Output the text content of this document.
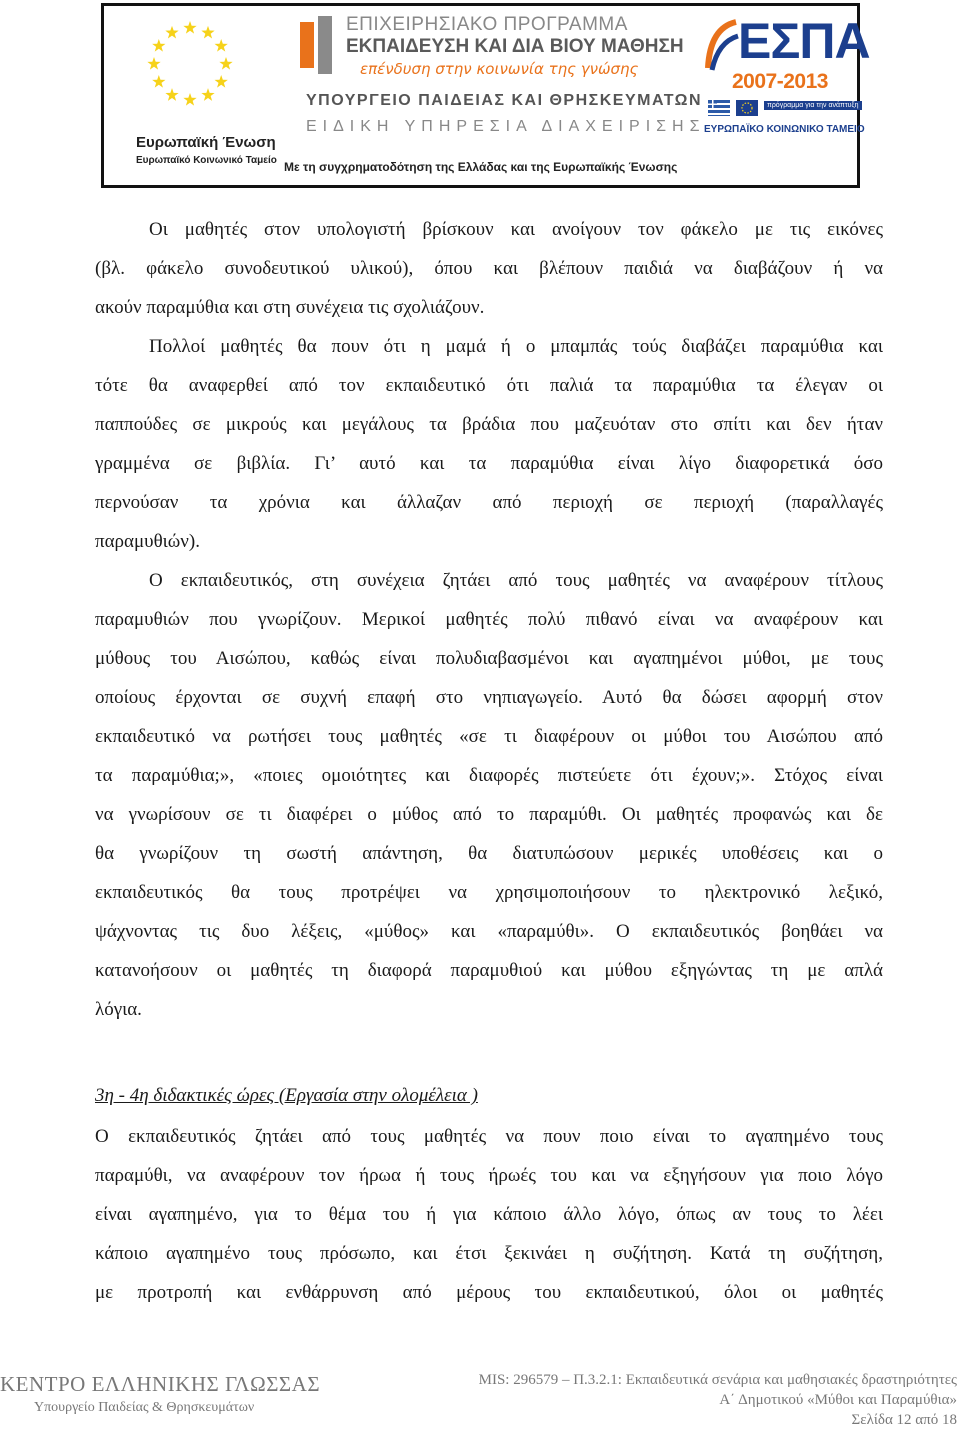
Ευρωπαϊκή Ένωση
Ευρωπαϊκό Κοινωνικό Ταμείο
ΕΠΙΧΕΙΡΗΣΙΑΚΟ ΠΡΟΓΡΑΜΜΑ
ΕΚΠΑΙΔΕΥΣΗ ΚΑΙ ΔΙΑ ΒΙΟΥ ΜΑΘΗΣΗ
επένδυση στην κοινωνία της γνώσης
ΥΠΟΥΡΓΕΙΟ ΠΑΙΔΕΙΑΣ ΚΑΙ ΘΡΗΣΚΕΥΜΑΤΩΝ
ΕΙΔΙΚΗ ΥΠΗΡΕΣΙΑ ΔΙΑΧΕΙΡΙΣΗΣ
Με τη συγχρηματοδότηση της Ελλάδας και της Ευρωπαϊκής Ένωσης
ΕΣΠΑ
2007-2013
πρόγραμμα για την ανάπτυξη
ΕΥΡΩΠΑΪΚΟ ΚΟΙΝΩΝΙΚΟ ΤΑΜΕΙΟ
Οι μαθητές στον υπολογιστή βρίσκουν και ανοίγουν τον φάκελο με τις εικόνες
(βλ. φάκελο συνοδευτικού υλικού), όπου και βλέπουν παιδιά να διαβάζουν ή να
ακούν παραμύθια και στη συνέχεια τις σχολιάζουν.
Πολλοί μαθητές θα πουν ότι η μαμά ή ο μπαμπάς τούς διαβάζει παραμύθια και
τότε θα αναφερθεί από τον εκπαιδευτικό ότι παλιά τα παραμύθια τα έλεγαν οι
παππούδες σε μικρούς και μεγάλους τα βράδια που μαζευόταν στο σπίτι και δεν ήταν
γραμμένα σε βιβλία. Γι’ αυτό και τα παραμύθια είναι λίγο διαφορετικά όσο
περνούσαν τα χρόνια και άλλαζαν από περιοχή σε περιοχή (παραλλαγές
παραμυθιών).
Ο εκπαιδευτικός, στη συνέχεια ζητάει από τους μαθητές να αναφέρουν τίτλους
παραμυθιών που γνωρίζουν. Μερικοί μαθητές πολύ πιθανό είναι να αναφέρουν και
μύθους του Αισώπου, καθώς είναι πολυδιαβασμένοι και αγαπημένοι μύθοι, με τους
οποίους έρχονται σε συχνή επαφή στο νηπιαγωγείο. Αυτό θα δώσει αφορμή στον
εκπαιδευτικό να ρωτήσει τους μαθητές «σε τι διαφέρουν οι μύθοι του Αισώπου από
τα παραμύθια;», «ποιες ομοιότητες και διαφορές πιστεύετε ότι έχουν;». Στόχος είναι
να γνωρίσουν σε τι διαφέρει ο μύθος από το παραμύθι. Οι μαθητές προφανώς και δε
θα γνωρίζουν τη σωστή απάντηση, θα διατυπώσουν μερικές υποθέσεις και ο
εκπαιδευτικός θα τους προτρέψει να χρησιμοποιήσουν το ηλεκτρονικό λεξικό,
ψάχνοντας τις δυο λέξεις, «μύθος» και «παραμύθι». Ο εκπαιδευτικός βοηθάει να
κατανοήσουν οι μαθητές τη διαφορά παραμυθιού και μύθου εξηγώντας τη με απλά
λόγια.
3η - 4η διδακτικές ώρες (Εργασία στην ολομέλεια )
Ο εκπαιδευτικός ζητάει από τους μαθητές να πουν ποιο είναι το αγαπημένο τους
παραμύθι, να αναφέρουν τον ήρωα ή τους ήρωές του και να εξηγήσουν για ποιο λόγο
είναι αγαπημένο, για το θέμα του ή για κάποιο άλλο λόγο, όπως αν τους το λέει
κάποιο αγαπημένο τους πρόσωπο, και έτσι ξεκινάει η συζήτηση. Κατά τη συζήτηση,
με προτροπή και ενθάρρυνση από μέρους του εκπαιδευτικού, όλοι οι μαθητές
ΚΕΝΤΡΟ ΕΛΛΗΝΙΚΗΣ ΓΛΩΣΣΑΣ
Υπουργείο Παιδείας & Θρησκευμάτων
MIS: 296579 – Π.3.2.1: Εκπαιδευτικά σενάρια και μαθησιακές δραστηριότητες
Α΄ Δημοτικού «Μύθοι και Παραμύθια»
Σελίδα 12 από 18
